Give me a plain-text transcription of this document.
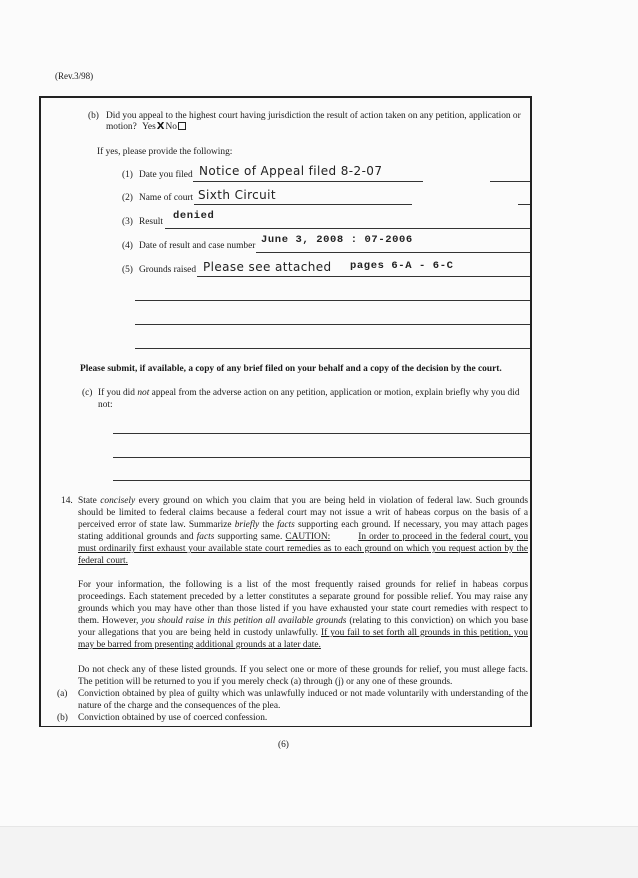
(Rev.3/98)
(b) Did you appeal to the highest court having jurisdiction the result of action taken on any petition, application or
motion? YesXNo
If yes, please provide the following:
(1) Date you filed Notice of Appeal filed 8-2-07
(2) Name of court Sixth Circuit
(3) Result denied
(4) Date of result and case number June 3, 2008 : 07-2006
(5) Grounds raised Please see attached pages 6-A - 6-C
Please submit, if available, a copy of any brief filed on your behalf and a copy of the decision by the court.
(c) If you did not appeal from the adverse action on any petition, application or motion, explain briefly why you did
not:
14. State concisely every ground on which you claim that you are being held in violation of federal law. Such grounds should be limited to federal claims because a federal court may not issue a writ of habeas corpus on the basis of a perceived error of state law. Summarize briefly the facts supporting each ground. If necessary, you may attach pages stating additional grounds and facts supporting same. CAUTION:	In order to proceed in the federal court, you must ordinarily first exhaust your available state court remedies as to each ground on which you request action by the federal court.
For your information, the following is a list of the most frequently raised grounds for relief in habeas corpus proceedings. Each statement preceded by a letter constitutes a separate ground for possible relief. You may raise any grounds which you may have other than those listed if you have exhausted your state court remedies with respect to them. However, you should raise in this petition all available grounds (relating to this conviction) on which you base your allegations that you are being held in custody unlawfully. If you fail to set forth all grounds in this petition, you may be barred from presenting additional grounds at a later date.
Do not check any of these listed grounds. If you select one or more of these grounds for relief, you must allege facts. The petition will be returned to you if you merely check (a) through (j) or any one of these grounds.
(a) Conviction obtained by plea of guilty which was unlawfully induced or not made voluntarily with understanding of the nature of the charge and the consequences of the plea.
(b) Conviction obtained by use of coerced confession.
(6)
